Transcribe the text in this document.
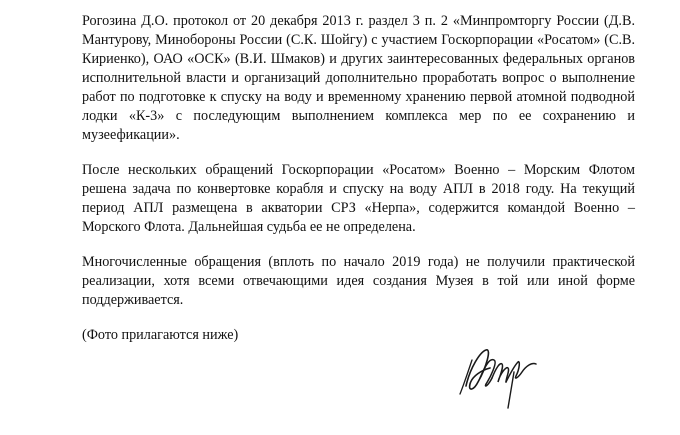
Рогозина Д.О. протокол от 20 декабря 2013 г. раздел 3 п. 2 «Минпромторгу России (Д.В. Мантурову, Минобороны России (С.К. Шойгу) с участием Госкорпорации «Росатом» (С.В. Кириенко), ОАО «ОСК» (В.И. Шмаков) и других заинтересованных федеральных органов исполнительной власти и организаций дополнительно проработать вопрос о выполнение работ по подготовке к спуску на воду и временному хранению первой атомной подводной лодки «К-3» с последующим выполнением комплекса мер по ее сохранению и музеефикации».

После нескольких обращений Госкорпорации «Росатом» Военно – Морским Флотом решена задача по конвертовке корабля и спуску на воду АПЛ в 2018 году. На текущий период АПЛ размещена в акватории СРЗ «Нерпа», содержится командой Военно – Морского Флота. Дальнейшая судьба ее не определена.

Многочисленные обращения (вплоть по начало 2019 года) не получили практической реализации, хотя всеми отвечающими идея создания Музея в той или иной форме поддерживается.

(Фото прилагаются ниже)
